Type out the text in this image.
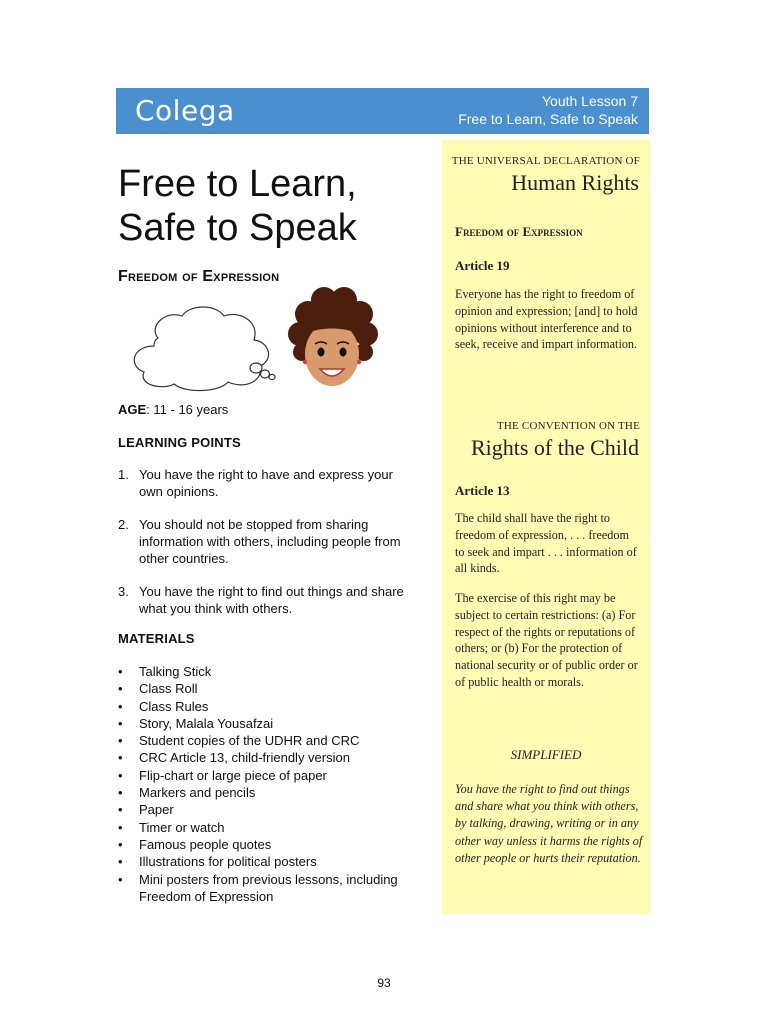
Colega	Youth Lesson 7
Free to Learn, Safe to Speak
Free to Learn,
Safe to Speak
Freedom of Expression
AGE: 11 - 16 years
LEARNING POINTS
1. You have the right to have and express your own opinions.
2. You should not be stopped from sharing information with others, including people from other countries.
3. You have the right to find out things and share what you think with others.
MATERIALS
• Talking Stick
• Class Roll
• Class Rules
• Story, Malala Yousafzai
• Student copies of the UDHR and CRC
• CRC Article 13, child-friendly version
• Flip-chart or large piece of paper
• Markers and pencils
• Paper
• Timer or watch
• Famous people quotes
• Illustrations for political posters
• Mini posters from previous lessons, including Freedom of Expression
THE UNIVERSAL DECLARATION OF
Human Rights
Freedom of Expression
Article 19
Everyone has the right to freedom of opinion and expression; [and] to hold opinions without interference and to seek, receive and impart information.
THE CONVENTION ON THE
Rights of the Child
Article 13
The child shall have the right to freedom of expression, . . . freedom to seek and impart . . . information of all kinds.
The exercise of this right may be subject to certain restrictions: (a) For respect of the rights or reputations of others; or (b) For the protection of national security or of public order or of public health or morals.
SIMPLIFIED
You have the right to find out things and share what you think with others, by talking, drawing, writing or in any other way unless it harms the rights of other people or hurts their reputation.
93
